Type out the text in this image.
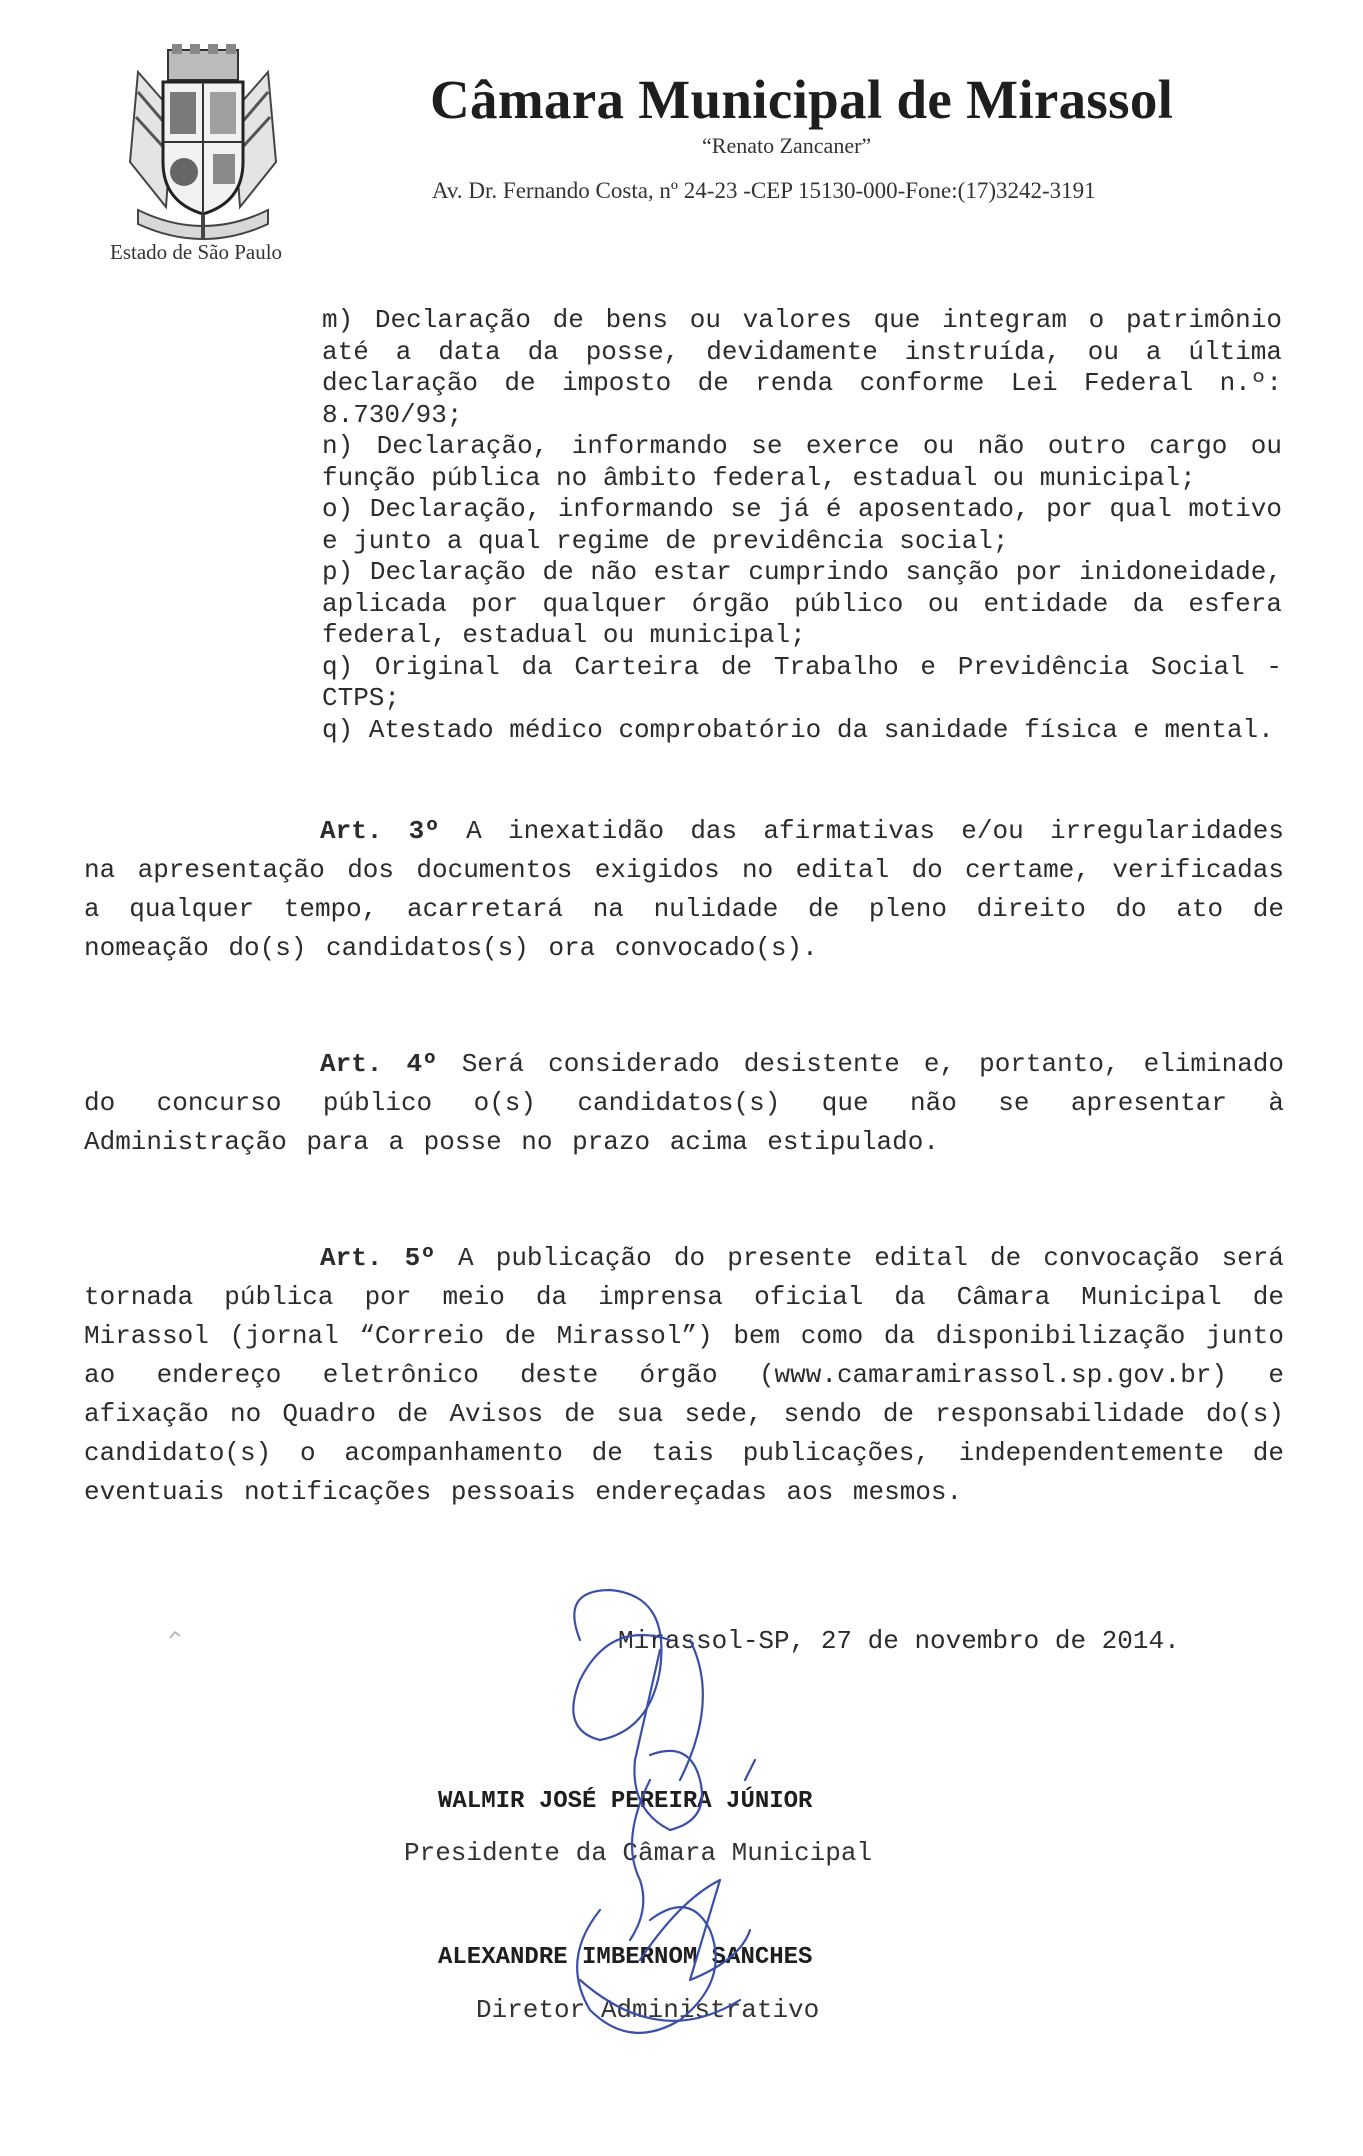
Estado de São Paulo
Câmara Municipal de Mirassol
“Renato Zancaner”
Av. Dr. Fernando Costa, nº 24-23 -CEP 15130-000-Fone:(17)3242-3191
m) Declaração de bens ou valores que integram o patrimônio até a data da posse, devidamente instruída, ou a última declaração de imposto de renda conforme Lei Federal n.º: 8.730/93;
n) Declaração, informando se exerce ou não outro cargo ou função pública no âmbito federal, estadual ou municipal;
o) Declaração, informando se já é aposentado, por qual motivo e junto a qual regime de previdência social;
p) Declaração de não estar cumprindo sanção por inidoneidade, aplicada por qualquer órgão público ou entidade da esfera federal, estadual ou municipal;
q) Original da Carteira de Trabalho e Previdência Social - CTPS;
q) Atestado médico comprobatório da sanidade física e mental.
Art. 3º A inexatidão das afirmativas e/ou irregularidades na apresentação dos documentos exigidos no edital do certame, verificadas a qualquer tempo, acarretará na nulidade de pleno direito do ato de nomeação do(s) candidatos(s) ora convocado(s).
Art. 4º Será considerado desistente e, portanto, eliminado do concurso público o(s) candidatos(s) que não se apresentar à Administração para a posse no prazo acima estipulado.
Art. 5º A publicação do presente edital de convocação será tornada pública por meio da imprensa oficial da Câmara Municipal de Mirassol (jornal “Correio de Mirassol”) bem como da disponibilização junto ao endereço eletrônico deste órgão (www.camaramirassol.sp.gov.br) e afixação no Quadro de Avisos de sua sede, sendo de responsabilidade do(s) candidato(s) o acompanhamento de tais publicações, independentemente de eventuais notificações pessoais endereçadas aos mesmos.
Mirassol-SP, 27 de novembro de 2014.
WALMIR JOSÉ PEREIRA JÚNIOR
Presidente da Câmara Municipal
ALEXANDRE IMBERNOM SANCHES
Diretor Administrativo
